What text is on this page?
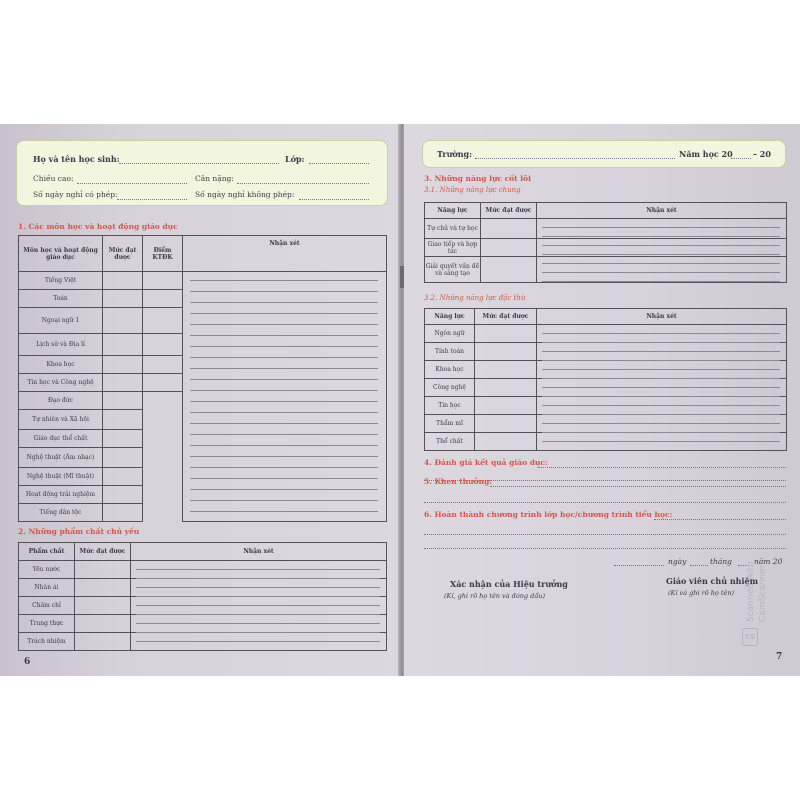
Họ và tên học sinh:	Lớp:
Chiều cao:	Cân nặng:
Số ngày nghỉ có phép:	Số ngày nghỉ không phép:
1. Các môn học và hoạt động giáo dục
Môn học và hoạt động giáo dục	Mức đạt được	Điểm KTĐK	Nhận xét
Tiếng Việt			
Toán			
Ngoại ngữ 1			
Lịch sử và Địa lí			
Khoa học			
Tin học và Công nghệ			
Đạo đức			
Tự nhiên và Xã hội			
Giáo dục thể chất			
Nghệ thuật (Âm nhạc)			
Nghệ thuật (Mĩ thuật)			
Hoạt động trải nghiệm			
Tiếng dân tộc			
2. Những phẩm chất chủ yếu
Phẩm chất	Mức đạt được	Nhận xét
Yêu nước		
Nhân ái		
Chăm chỉ		
Trung thực		
Trách nhiệm		
6
Trường:	Năm học 20	– 20
3. Những năng lực cốt lõi
3.1. Những năng lực chung
Năng lực	Mức đạt được	Nhận xét
Tự chủ và tự học		
Giao tiếp và hợp tác		
Giải quyết vấn đề và sáng tạo		
3.2. Những năng lực đặc thù
Năng lực	Mức đạt được	Nhận xét
Ngôn ngữ		
Tính toán		
Khoa học		
Công nghệ		
Tin học		
Thẩm mĩ		
Thể chất		
4. Đánh giá kết quả giáo dục:
5. Khen thưởng:
6. Hoàn thành chương trình lớp học/chương trình tiểu học:
ngày	tháng	năm 20
Xác nhận của Hiệu trưởng
(Kí, ghi rõ họ tên và đóng dấu)
Giáo viên chủ nhiệm
(Kí và ghi rõ họ tên)
7
CS
Scanned with CamScanner
